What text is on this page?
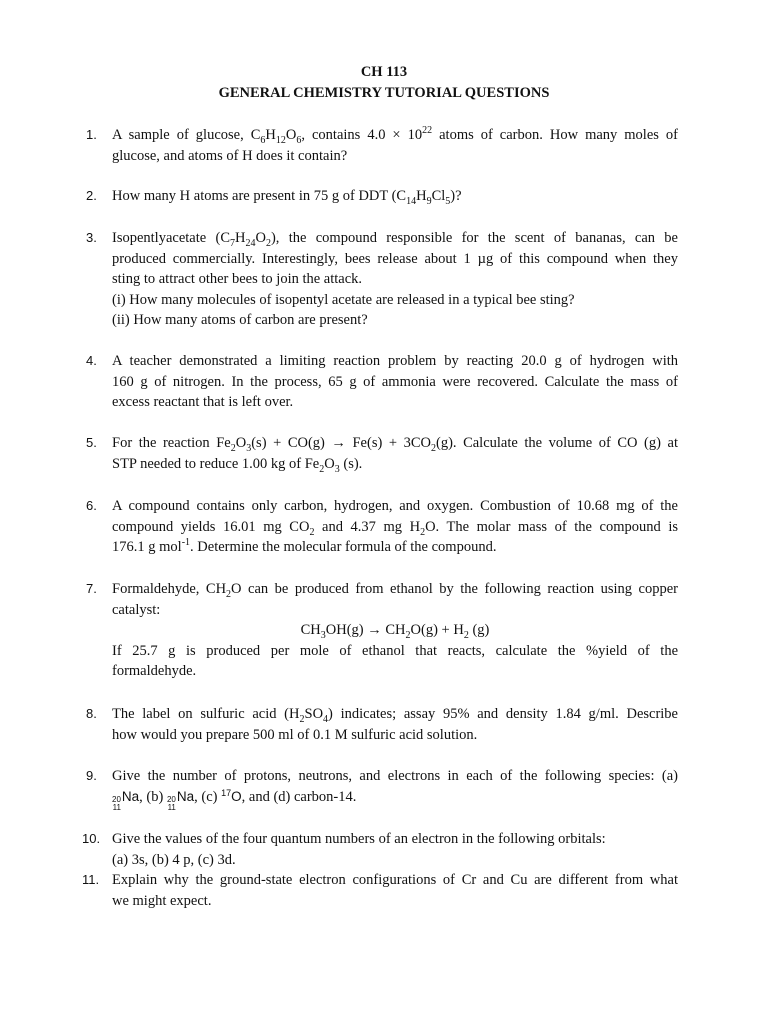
CH 113
GENERAL CHEMISTRY TUTORIAL QUESTIONS
1. A sample of glucose, $C_6H_{12}O_6$, contains $4.0 \times 10^{22}$ atoms of carbon. How many moles of
glucose, and atoms of H does it contain?
2. How many H atoms are present in 75 g of DDT $(C_{14}H_9Cl_5)$?
3. Isopentlyacetate $(C_7H_{24}O_2)$, the compound responsible for the scent of bananas, can be
produced commercially. Interestingly, bees release about 1 µg of this compound when they
sting to attract other bees to join the attack.
(i) How many molecules of isopentyl acetate are released in a typical bee sting?
(ii) How many atoms of carbon are present?
4. A teacher demonstrated a limiting reaction problem by reacting 20.0 g of hydrogen with
160 g of nitrogen. In the process, 65 g of ammonia were recovered. Calculate the mass of
excess reactant that is left over.
5. For the reaction $Fe_2O_3(s) + CO(g) \to Fe(s) + 3CO_2(g)$. Calculate the volume of CO (g) at
STP needed to reduce 1.00 kg of $Fe_2O_3$ (s).
6. A compound contains only carbon, hydrogen, and oxygen. Combustion of 10.68 mg of the
compound yields 16.01 mg $CO_2$ and 4.37 mg $H_2O$. The molar mass of the compound is
176.1 g mol$^{-1}$. Determine the molecular formula of the compound.
7. Formaldehyde, $CH_2O$ can be produced from ethanol by the following reaction using copper
catalyst:
$CH_3OH(g) \to CH_2O(g) + H_2$ (g)
If 25.7 g is produced per mole of ethanol that reacts, calculate the %yield of the
formaldehyde.
8. The label on sulfuric acid $(H_2SO_4)$ indicates; assay 95% and density 1.84 g/ml. Describe
how would you prepare 500 ml of 0.1 M sulfuric acid solution.
9. Give the number of protons, neutrons, and electrons in each of the following species: (a)
20
11
Na, (b) 20
11
Na, (c) $^{17}$O, and (d) carbon-14.
10. Give the values of the four quantum numbers of an electron in the following orbitals:
(a) 3s, (b) 4 p, (c) 3d.
11. Explain why the ground-state electron configurations of Cr and Cu are different from what
we might expect.
